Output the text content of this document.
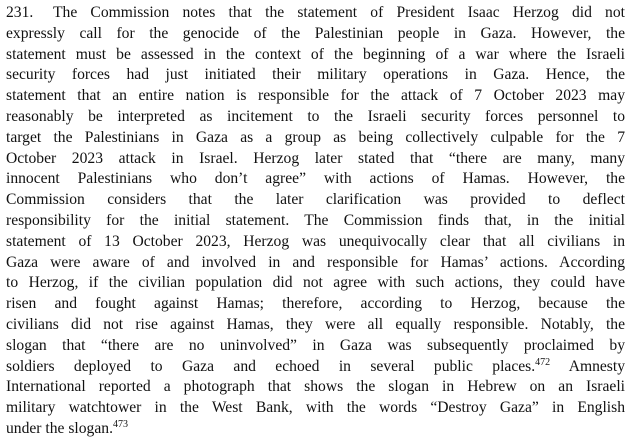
231. The Commission notes that the statement of President Isaac Herzog did not
expressly call for the genocide of the Palestinian people in Gaza. However, the
statement must be assessed in the context of the beginning of a war where the Israeli
security forces had just initiated their military operations in Gaza. Hence, the
statement that an entire nation is responsible for the attack of 7 October 2023 may
reasonably be interpreted as incitement to the Israeli security forces personnel to
target the Palestinians in Gaza as a group as being collectively culpable for the 7
October 2023 attack in Israel. Herzog later stated that “there are many, many
innocent Palestinians who don’t agree” with actions of Hamas. However, the
Commission considers that the later clarification was provided to deflect
responsibility for the initial statement. The Commission finds that, in the initial
statement of 13 October 2023, Herzog was unequivocally clear that all civilians in
Gaza were aware of and involved in and responsible for Hamas’ actions. According
to Herzog, if the civilian population did not agree with such actions, they could have
risen and fought against Hamas; therefore, according to Herzog, because the
civilians did not rise against Hamas, they were all equally responsible. Notably, the
slogan that “there are no uninvolved” in Gaza was subsequently proclaimed by
soldiers deployed to Gaza and echoed in several public places.$^{472}$ Amnesty
International reported a photograph that shows the slogan in Hebrew on an Israeli
military watchtower in the West Bank, with the words “Destroy Gaza” in English
under the slogan.$^{473}$
